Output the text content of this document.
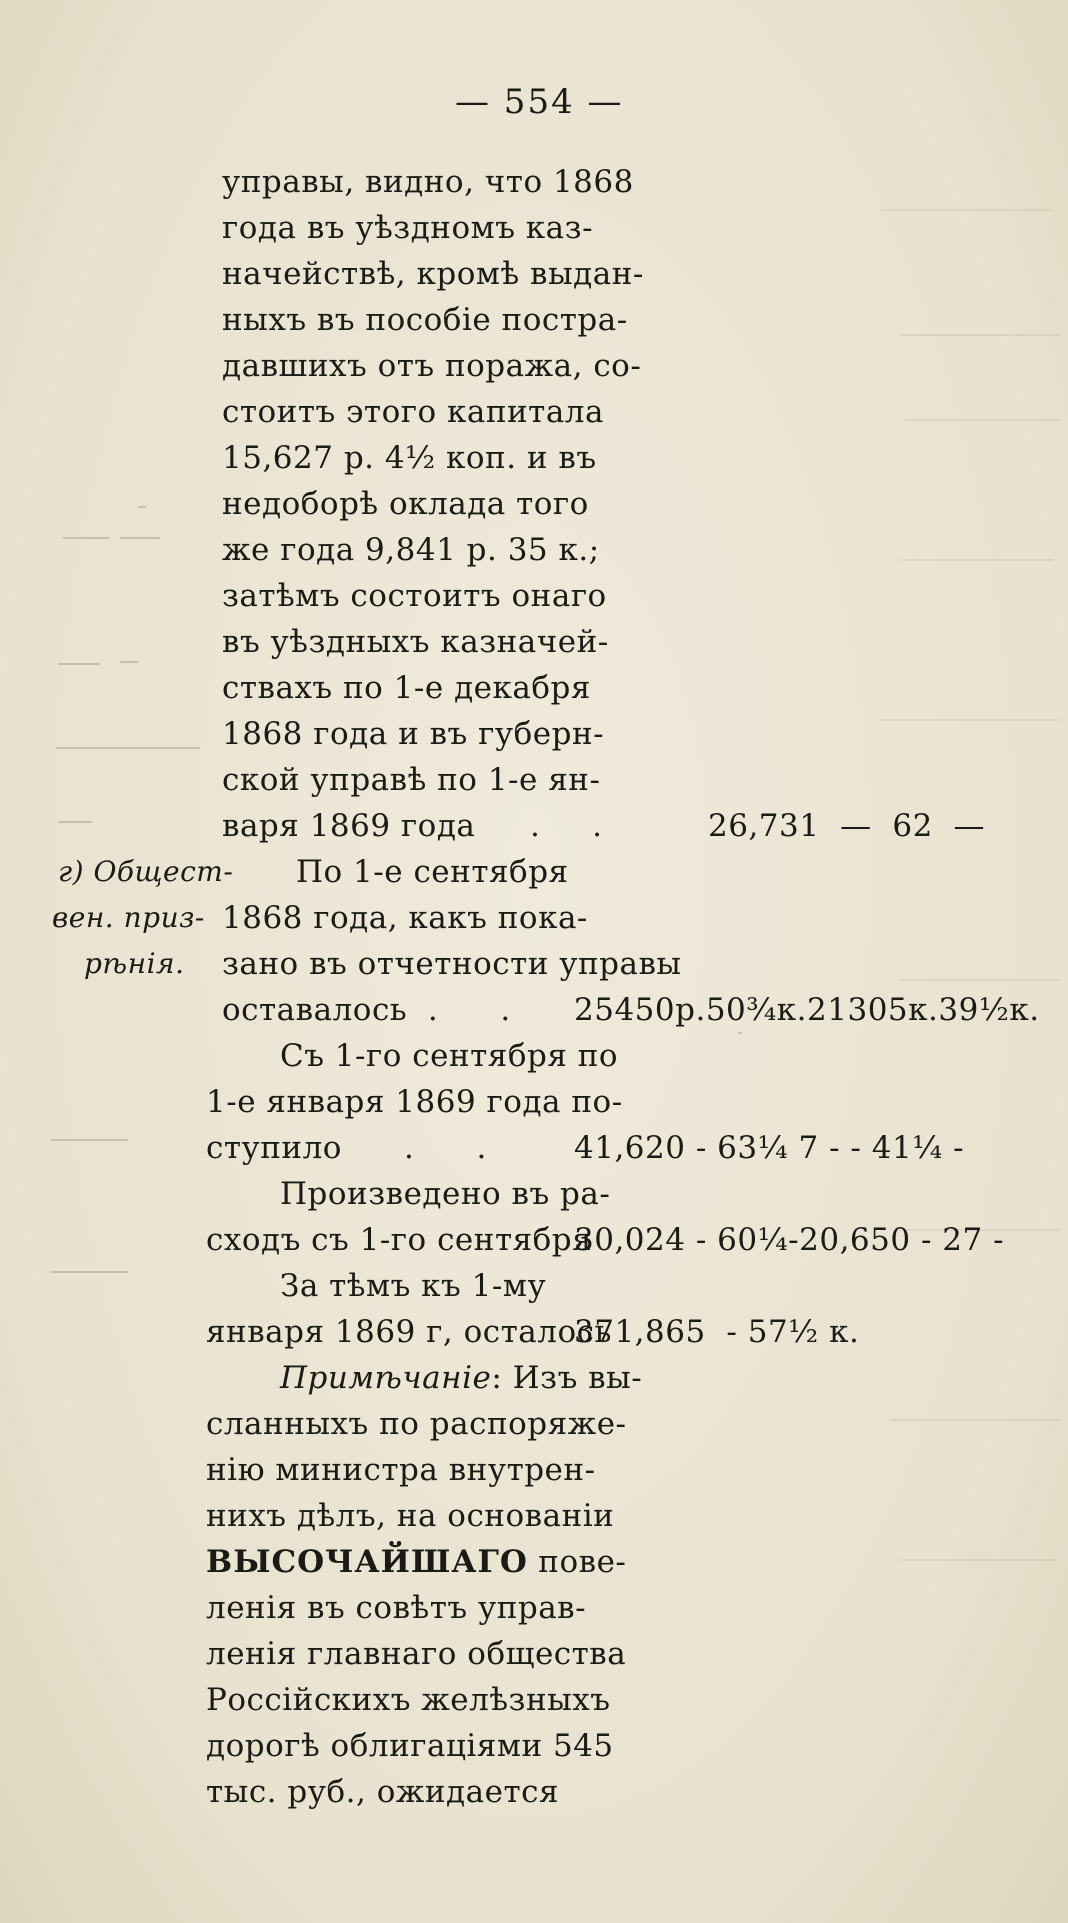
— 554 —
управы, видно, что 1868
года въ уѣздномъ каз-
начействѣ, кромѣ выдан-
ныхъ въ пособіе постра-
давшихъ отъ поража, со-
стоитъ этого капитала
15,627 р. 4½ коп. и въ
недоборѣ оклада того
же года 9,841 р. 35 к.;
затѣмъ состоитъ онаго
въ уѣздныхъ казначей-
ствахъ по 1-е декабря
1868 года и въ губерн-
ской управѣ по 1-е ян-
варя 1869 года .     .	26,731  —  62  —
г) Общест-
вен. приз-
рѣнія.
По 1-е сентября
1868 года, какъ пока-
зано въ отчетности управы
оставалось  .      . 25450р.50¾к.21305к.39½к.
Съ 1-го сентября по
1-е января 1869 года по-
ступило      .      .	41,620 - 63¼ 7 - - 41¼ -
Произведено въ ра-
сходъ съ 1-го сентября
30,024 - 60¼-20,650 - 27 -
За тѣмъ къ 1-му
января 1869 г, осталось
371,865  - 57½ к.
Примѣчаніе: Изъ вы-
сланныхъ по распоряже-
нію министра внутрен-
нихъ дѣлъ, на основаніи
ВЫСОЧАЙШАГО пове-
ленія въ совѣтъ управ-
ленія главнаго общества
Россійскихъ желѣзныхъ
дорогѣ облигаціями 545
тыс. руб., ожидается
